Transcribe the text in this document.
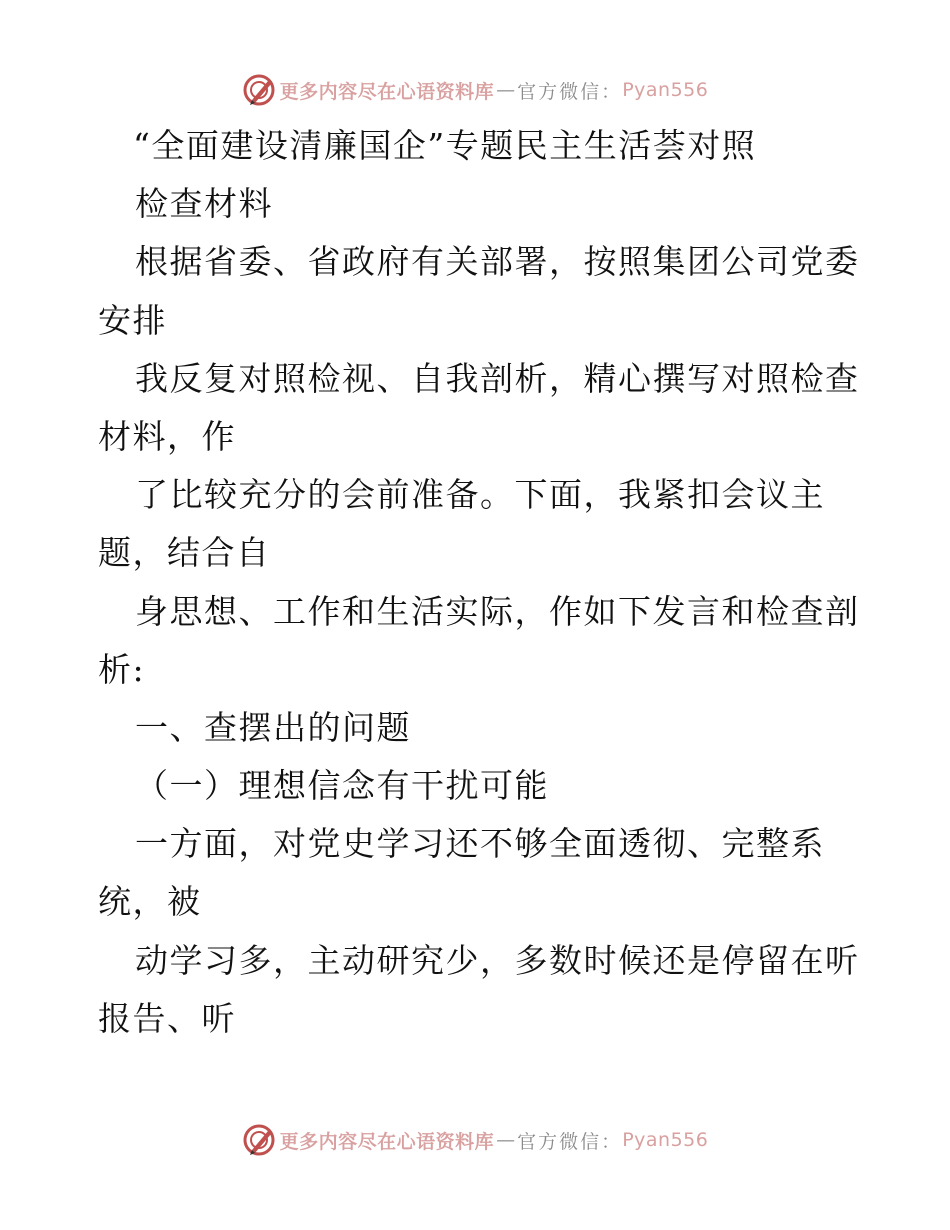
更多内容尽在心语资料库 — 官方微信： Pyan556
“全面建设清廉国企”专题民主生活荟对照
检查材料
根据省委、省政府有关部署，按照集团公司党委
安排
我反复对照检视、自我剖析，精心撰写对照检查
材料，作
了比较充分的会前准备。下面，我紧扣会议主
题，结合自
身思想、工作和生活实际，作如下发言和检查剖
析:
一、查摆出的问题
（一）理想信念有干扰可能
一方面，对党史学习还不够全面透彻、完整系
统，被
动学习多，主动研究少，多数时候还是停留在听
报告、听
更多内容尽在心语资料库 — 官方微信： Pyan556
